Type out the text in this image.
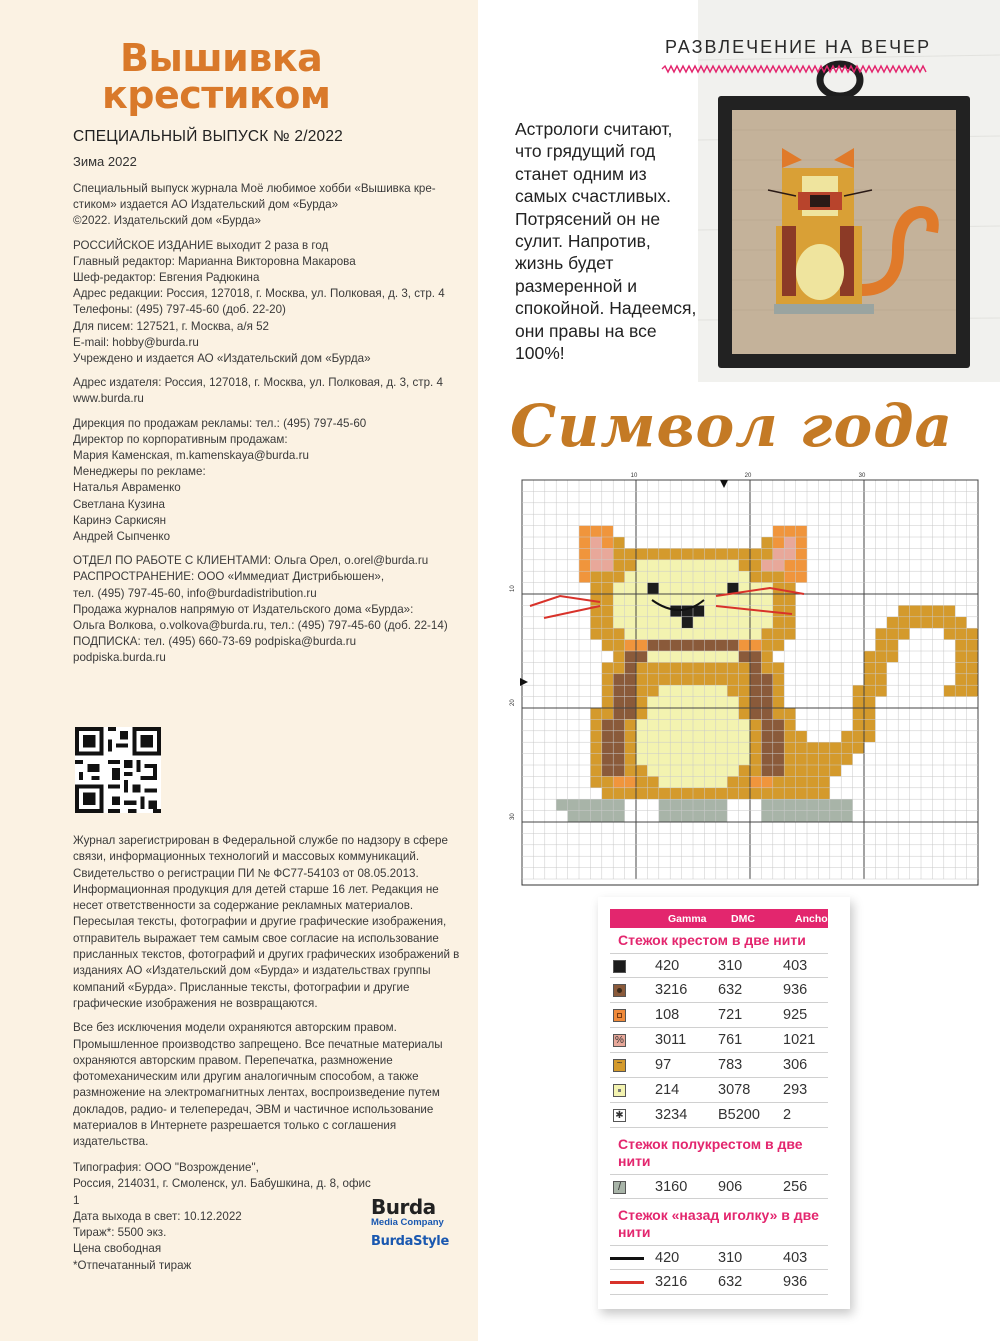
Вышивка
крестиком
СПЕЦИАЛЬНЫЙ ВЫПУСК № 2/2022
Зима 2022

Специальный выпуск журнала Моё любимое хобби «Вышивка кре-

стиком» издается АО Издательский дом «Бурда»

©2022. Издательский дом «Бурда»

РОССИЙСКОЕ ИЗДАНИЕ выходит 2 раза в год

Главный редактор: Марианна Викторовна Макарова

Шеф-редактор: Евгения Радюкина

Адрес редакции: Россия, 127018, г. Москва, ул. Полковая, д. 3, стр. 4

Телефоны: (495) 797-45-60 (доб. 22-20)

Для писем: 127521, г. Москва, а/я 52

E-mail: hobby@burda.ru

Учреждено и издается АО «Издательский дом «Бурда»

Адрес издателя: Россия, 127018, г. Москва, ул. Полковая, д. 3, стр. 4

www.burda.ru

Дирекция по продажам рекламы: тел.: (495) 797-45-60

Директор по корпоративным продажам:

Мария Каменская, m.kamenskaya@burda.ru

Менеджеры по рекламе:

Наталья Авраменко

Светлана Кузина

Каринэ Саркисян

Андрей Сыпченко

ОТДЕЛ ПО РАБОТЕ С КЛИЕНТАМИ: Ольга Орел, o.orel@burda.ru

РАСПРОСТРАНЕНИЕ: ООО «Иммедиат Дистрибьюшен»,

тел. (495) 797-45-60, info@burdadistribution.ru

Продажа журналов напрямую от Издательского дома «Бурда»:

Ольга Волкова, o.volkova@burda.ru, тел.: (495) 797-45-60 (доб. 22-14)

ПОДПИСКА: тел. (495) 660-73-69 podpiska@burda.ru

podpiska.burda.ru

Журнал зарегистрирован в Федеральной службе по надзору в сфере связи, информационных технологий и массовых коммуникаций. Свидетельство о регистрации ПИ № ФС77-54103 от 08.05.2013. Информационная продукция для детей старше 16 лет. Редакция не несет ответственности за содержание рекламных материалов. Пересылая тексты, фотографии и другие графические изображения, отправитель выражает тем самым свое согласие на использование присланных текстов, фотографий и других графических изображений в изданиях АО «Издательский дом «Бурда» и издательствах группы компаний «Бурда». Присланные тексты, фотографии и другие графические изображения не возвращаются.

Все без исключения модели охраняются авторским правом. Промышленное производство запрещено. Все печатные материалы охраняются авторским правом. Перепечатка, размножение фотомеханическим или другим аналогичным способом, а также размножение на электромагнитных лентах, воспроизведение путем докладов, радио- и телепередач, ЭВМ и частичное использование материалов в Интернете разрешается только с соглашения издательства.

Типография: ООО "Возрождение",
Россия, 214031, г. Смоленск, ул. Бабушкина, д. 8, офис 1
Дата выхода в свет: 10.12.2022
Тираж*: 5500 экз.
Цена свободная
*Отпечатанный тираж
Burda
Media Company
BurdaStyle
РАЗВЛЕЧЕНИЕ НА ВЕЧЕР
Астрологи считают, что грядущий год станет одним из самых счастливых. Потрясений он не сулит. Напротив, жизнь будет размеренной и спокойной. Надеемся, они правы на все 100%!
Символ года
10	20	30
10
20
30
Gamma DMC	Anchor
Стежок крестом в две нити
420	310	403
3216 632	936
108	721	925
% 3011 761	1021
~ 97	783	306
214	3078 293
✱ 3234 B5200 2
Стежок полукрестом в две нити
/	3160 906	256
Стежок «назад иголку» в две нити
420	310	403
3216 632	936
